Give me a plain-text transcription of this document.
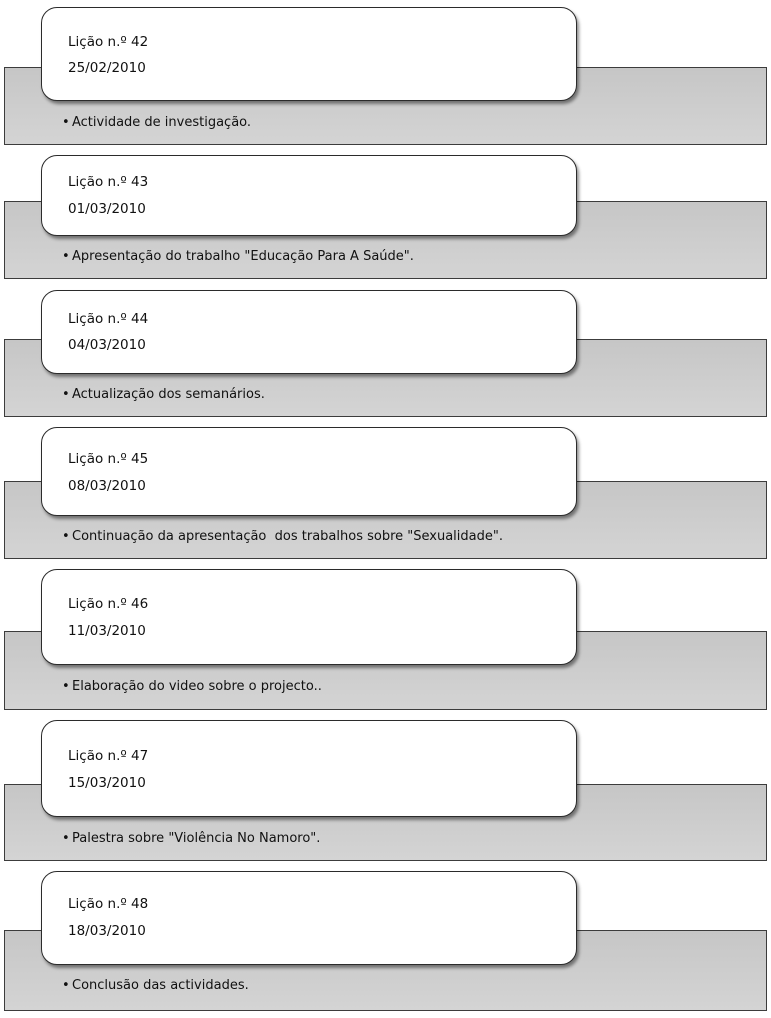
• Actividade de investigação.
Lição n.º 42
25/02/2010
• Apresentação do trabalho "Educação Para A Saúde".
Lição n.º 43
01/03/2010
• Actualização dos semanários.
Lição n.º 44
04/03/2010
• Continuação da apresentação  dos trabalhos sobre "Sexualidade".
Lição n.º 45
08/03/2010
• Elaboração do video sobre o projecto..
Lição n.º 46
11/03/2010
• Palestra sobre "Violência No Namoro".
Lição n.º 47
15/03/2010
• Conclusão das actividades.
Lição n.º 48
18/03/2010
